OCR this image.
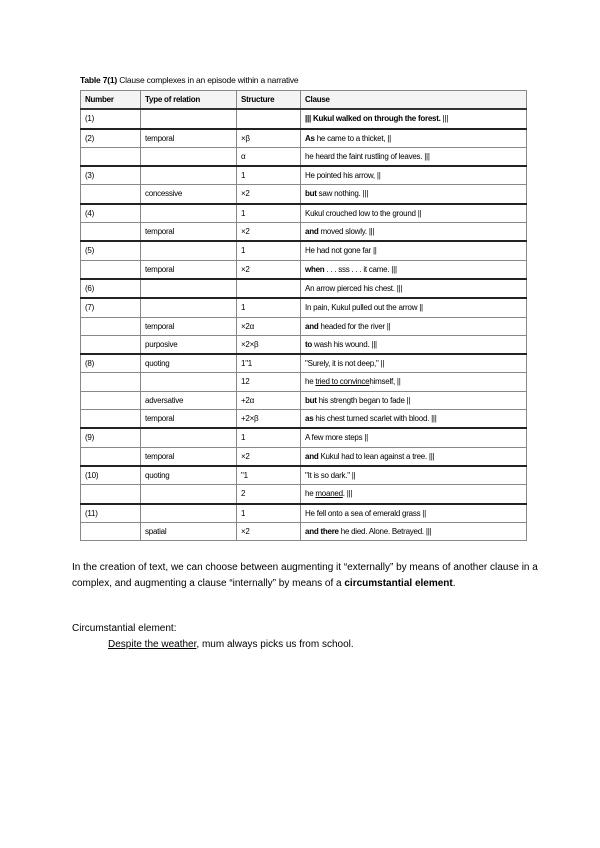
Table 7(1) Clause complexes in an episode within a narrative
Number	Type of relation	Structure	Clause
(1)			||| Kukul walked on through the forest. |||
(2)	temporal	×β	As he came to a thicket, ||
		α	he heard the faint rustling of leaves. |||
(3)		1	He pointed his arrow, ||
	concessive	×2	but saw nothing. |||
(4)		1	Kukul crouched low to the ground ||
	temporal	×2	and moved slowly. |||
(5)		1	He had not gone far ||
	temporal	×2	when . . . sss . . . it came. |||
(6)			An arrow pierced his chest. |||
(7)		1	In pain, Kukul pulled out the arrow ||
	temporal	×2α	and headed for the river ||
	purposive	×2×β	to wash his wound. |||
(8)	quoting	1"1	"Surely, it is not deep," ||
		12	he tried to convincehimself, ||
	adversative	+2α	but his strength began to fade ||
	temporal	+2×β	as his chest turned scarlet with blood. |||
(9)		1	A few more steps ||
	temporal	×2	and Kukul had to lean against a tree. |||
(10)	quoting	"1	"It is so dark." ||
		2	he moaned. |||
(11)		1	He fell onto a sea of emerald grass ||
	spatial	×2	and there he died. Alone. Betrayed. |||
In the creation of text, we can choose between augmenting it “externally” by means of another clause in a complex, and augmenting a clause “internally” by means of a circumstantial element.
Circumstantial element:
Despite the weather, mum always picks us from school.
